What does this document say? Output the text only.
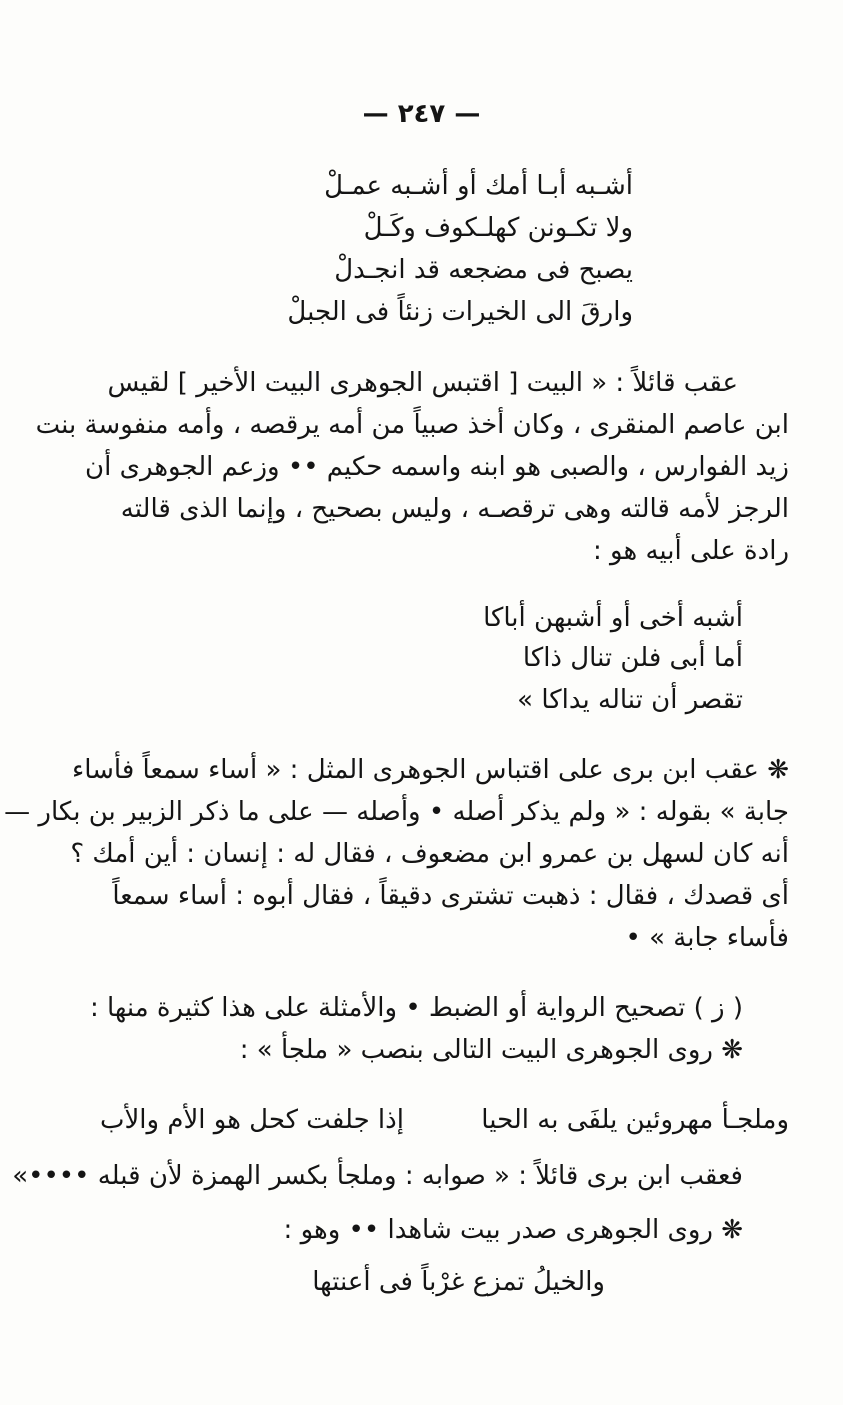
— ٢٤٧ —
أشـبه أبـا أمك أو أشـبه عمـلْ
ولا تكـونن كهلـكوف وكَـلْ
يصبح فى مضجعه قد انجـدلْ
وارقَ الى الخيرات زنئاً فى الجبلْ
عقب قائلاً : « البيت [ اقتبس الجوهرى البيت الأخير ] لقيس
ابن عاصم المنقرى ، وكان أخذ صبياً من أمه يرقصه ، وأمه منفوسة بنت
زيد الفوارس ، والصبى هو ابنه واسمه حكيم •• وزعم الجوهرى أن
الرجز لأمه قالته وهى ترقصـه ، وليس بصحيح ، وإنما الذى قالته
رادة على أبيه هو :
أشبه أخى أو أشبهن أباكا
أما أبى فلن تنال ذاكا
تقصر أن تناله يداكا »
❋ عقب ابن برى على اقتباس الجوهرى المثل : « أساء سمعاً فأساء
جابة » بقوله : « ولم يذكر أصله • وأصله — على ما ذكر الزبير بن بكار —
أنه كان لسهل بن عمرو ابن مضعوف ، فقال له : إنسان : أين أمك ؟
أى قصدك ، فقال : ذهبت تشترى دقيقاً ، فقال أبوه : أساء سمعاً
فأساء جابة » •
( ز ) تصحيح الرواية أو الضبط • والأمثلة على هذا كثيرة منها :
❋ روى الجوهرى البيت التالى بنصب « ملجأ » :
وملجـأ مهروئين يلفَى به الحيا
إذا جلفت كحل هو الأم والأب
فعقب ابن برى قائلاً : « صوابه : وملجأ بكسر الهمزة لأن قبله ••••»
❋ روى الجوهرى صدر بيت شاهدا •• وهو :
والخيلُ تمزع غرْباً فى أعنتها
